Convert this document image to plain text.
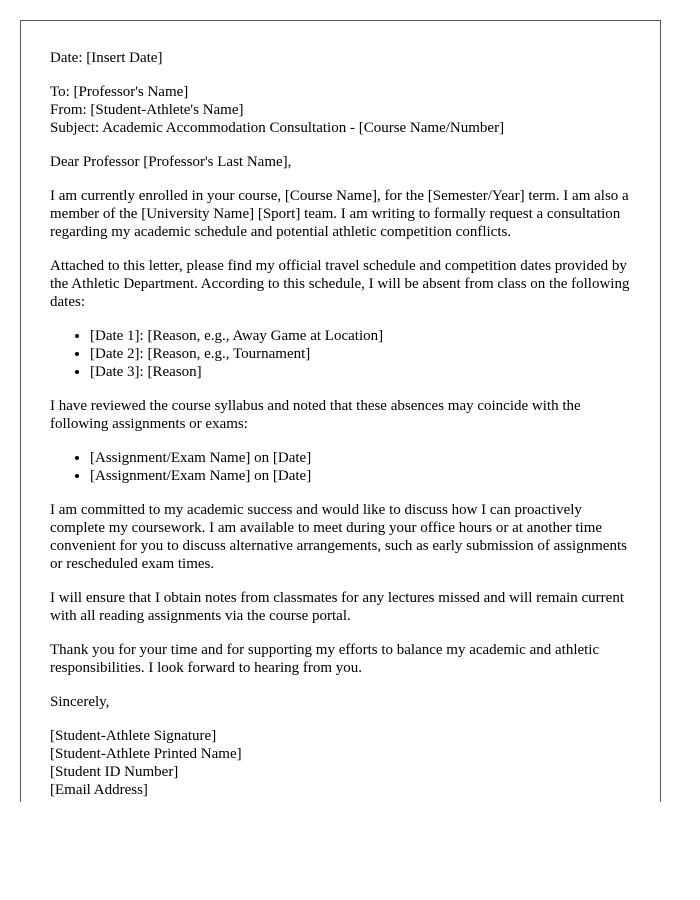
Date: [Insert Date]

To: [Professor's Name]
From: [Student-Athlete's Name]
Subject: Academic Accommodation Consultation - [Course Name/Number]

Dear Professor [Professor's Last Name],

I am currently enrolled in your course, [Course Name], for the [Semester/Year] term. I am also a member of the [University Name] [Sport] team. I am writing to formally request a consultation regarding my academic schedule and potential athletic competition conflicts.

Attached to this letter, please find my official travel schedule and competition dates provided by the Athletic Department. According to this schedule, I will be absent from class on the following dates:

• [Date 1]: [Reason, e.g., Away Game at Location]
• [Date 2]: [Reason, e.g., Tournament]
• [Date 3]: [Reason]

I have reviewed the course syllabus and noted that these absences may coincide with the following assignments or exams:

• [Assignment/Exam Name] on [Date]
• [Assignment/Exam Name] on [Date]

I am committed to my academic success and would like to discuss how I can proactively complete my coursework. I am available to meet during your office hours or at another time convenient for you to discuss alternative arrangements, such as early submission of assignments or rescheduled exam times.

I will ensure that I obtain notes from classmates for any lectures missed and will remain current with all reading assignments via the course portal.

Thank you for your time and for supporting my efforts to balance my academic and athletic responsibilities. I look forward to hearing from you.

Sincerely,

[Student-Athlete Signature]
[Student-Athlete Printed Name]
[Student ID Number]
[Email Address]
